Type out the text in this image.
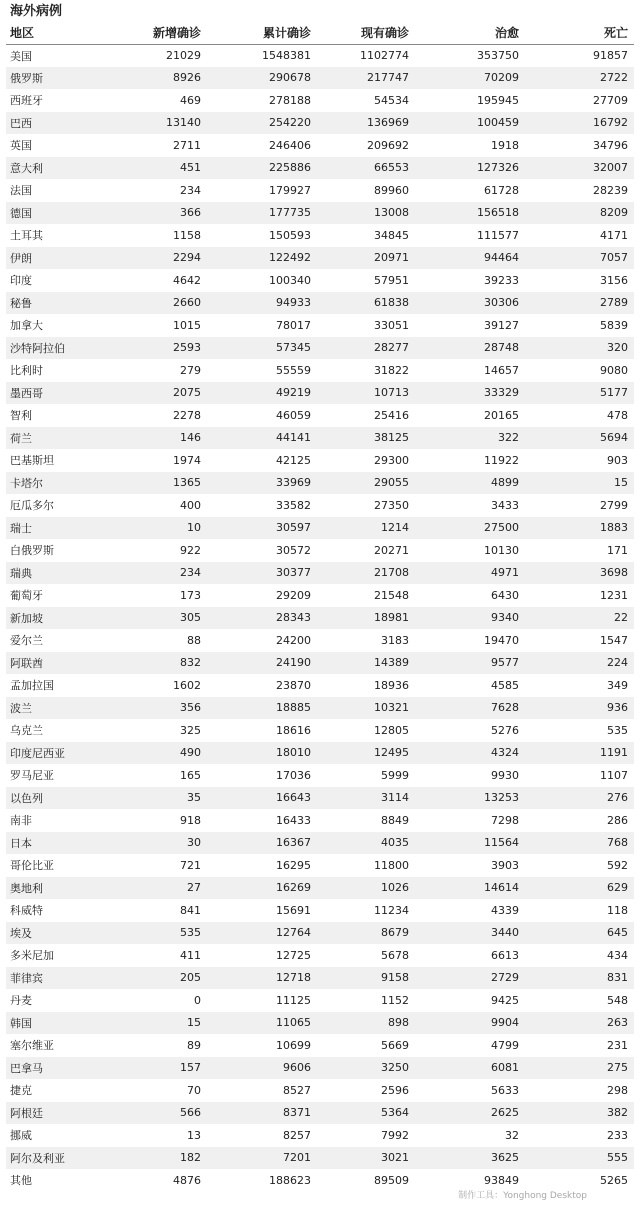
海外病例
地区	新增确诊	累计确诊	现有确诊	治愈	死亡
美国	21029	1548381	1102774	353750	91857
俄罗斯	8926	290678	217747	70209	2722
西班牙	469	278188	54534	195945	27709
巴西	13140	254220	136969	100459	16792
英国	2711	246406	209692	1918	34796
意大利	451	225886	66553	127326	32007
法国	234	179927	89960	61728	28239
德国	366	177735	13008	156518	8209
土耳其	1158	150593	34845	111577	4171
伊朗	2294	122492	20971	94464	7057
印度	4642	100340	57951	39233	3156
秘鲁	2660	94933	61838	30306	2789
加拿大	1015	78017	33051	39127	5839
沙特阿拉伯	2593	57345	28277	28748	320
比利时	279	55559	31822	14657	9080
墨西哥	2075	49219	10713	33329	5177
智利	2278	46059	25416	20165	478
荷兰	146	44141	38125	322	5694
巴基斯坦	1974	42125	29300	11922	903
卡塔尔	1365	33969	29055	4899	15
厄瓜多尔	400	33582	27350	3433	2799
瑞士	10	30597	1214	27500	1883
白俄罗斯	922	30572	20271	10130	171
瑞典	234	30377	21708	4971	3698
葡萄牙	173	29209	21548	6430	1231
新加坡	305	28343	18981	9340	22
爱尔兰	88	24200	3183	19470	1547
阿联酋	832	24190	14389	9577	224
孟加拉国	1602	23870	18936	4585	349
波兰	356	18885	10321	7628	936
乌克兰	325	18616	12805	5276	535
印度尼西亚	490	18010	12495	4324	1191
罗马尼亚	165	17036	5999	9930	1107
以色列	35	16643	3114	13253	276
南非	918	16433	8849	7298	286
日本	30	16367	4035	11564	768
哥伦比亚	721	16295	11800	3903	592
奥地利	27	16269	1026	14614	629
科威特	841	15691	11234	4339	118
埃及	535	12764	8679	3440	645
多米尼加	411	12725	5678	6613	434
菲律宾	205	12718	9158	2729	831
丹麦	0	11125	1152	9425	548
韩国	15	11065	898	9904	263
塞尔维亚	89	10699	5669	4799	231
巴拿马	157	9606	3250	6081	275
捷克	70	8527	2596	5633	298
阿根廷	566	8371	5364	2625	382
挪威	13	8257	7992	32	233
阿尔及利亚	182	7201	3021	3625	555
其他	4876	188623	89509	93849	5265
制作工具：Yonghong Desktop
